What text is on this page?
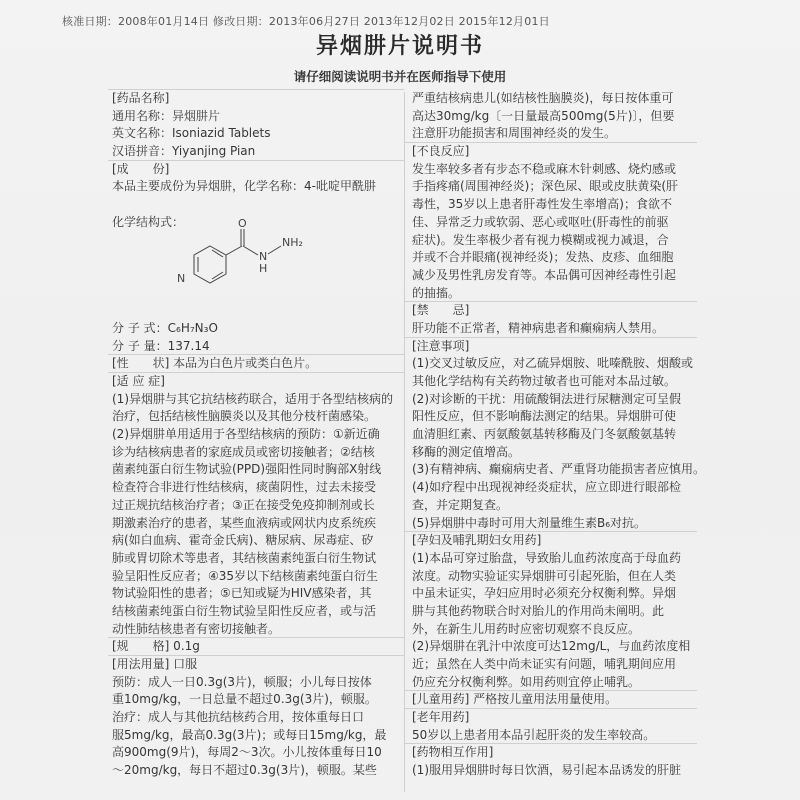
核准日期：2008年01月14日 修改日期：2013年06月27日 2013年12月02日 2015年12月01日
异烟肼片说明书
请仔细阅读说明书并在医师指导下使用
[药品名称]
通用名称：异烟肼片
英文名称：Isoniazid Tablets
汉语拼音：Yiyanjing Pian
[成　　份]
本品主要成份为异烟肼，化学名称：4-吡啶甲酰肼
化学结构式：
分 子 式：C₆H₇N₃O
分 子 量：137.14
[性　　状] 本品为白色片或类白色片。
[适 应 症]
(1)异烟肼与其它抗结核药联合，适用于各型结核病的
治疗，包括结核性脑膜炎以及其他分枝杆菌感染。
(2)异烟肼单用适用于各型结核病的预防：①新近确
诊为结核病患者的家庭成员或密切接触者；②结核
菌素纯蛋白衍生物试验(PPD)强阳性同时胸部X射线
检查符合非进行性结核病，痰菌阴性，过去未接受
过正规抗结核治疗者；③正在接受免疫抑制剂或长
期激素治疗的患者，某些血液病或网状内皮系统疾
病(如白血病、霍奇金氏病)、糖尿病、尿毒症、矽
肺或胃切除术等患者，其结核菌素纯蛋白衍生物试
验呈阳性反应者；④35岁以下结核菌素纯蛋白衍生
物试验阳性的患者；⑤已知或疑为HIV感染者，其
结核菌素纯蛋白衍生物试验呈阳性反应者，或与活
动性肺结核患者有密切接触者。
[规　　格] 0.1g
[用法用量] 口服
预防：成人一日0.3g(3片)，顿服；小儿每日按体
重10mg/kg，一日总量不超过0.3g(3片)，顿服。
治疗：成人与其他抗结核药合用，按体重每日口
服5mg/kg，最高0.3g(3片)；或每日15mg/kg，最
高900mg(9片)，每周2～3次。小儿按体重每日10
～20mg/kg，每日不超过0.3g(3片)，顿服。某些
严重结核病患儿(如结核性脑膜炎)，每日按体重可
高达30mg/kg〔一日量最高500mg(5片)〕，但要
注意肝功能损害和周围神经炎的发生。
[不良反应]
发生率较多者有步态不稳或麻木针刺感、烧灼感或
手指疼痛(周围神经炎)；深色尿、眼或皮肤黄染(肝
毒性，35岁以上患者肝毒性发生率增高)；食欲不
佳、异常乏力或软弱、恶心或呕吐(肝毒性的前驱
症状)。发生率极少者有视力模糊或视力减退，合
并或不合并眼痛(视神经炎)；发热、皮疹、血细胞
减少及男性乳房发育等。本品偶可因神经毒性引起
的抽搐。
[禁　　忌]
肝功能不正常者，精神病患者和癫痫病人禁用。
[注意事项]
(1)交叉过敏反应，对乙硫异烟胺、吡嗪酰胺、烟酸或
其他化学结构有关药物过敏者也可能对本品过敏。
(2)对诊断的干扰：用硫酸铜法进行尿糖测定可呈假
阳性反应，但不影响酶法测定的结果。异烟肼可使
血清胆红素、丙氨酸氨基转移酶及门冬氨酸氨基转
移酶的测定值增高。
(3)有精神病、癫痫病史者、严重肾功能损害者应慎用。
(4)如疗程中出现视神经炎症状，应立即进行眼部检
查，并定期复查。
(5)异烟肼中毒时可用大剂量维生素B₆对抗。
[孕妇及哺乳期妇女用药]
(1)本品可穿过胎盘，导致胎儿血药浓度高于母血药
浓度。动物实验证实异烟肼可引起死胎，但在人类
中虽未证实，孕妇应用时必须充分权衡利弊。异烟
肼与其他药物联合时对胎儿的作用尚未阐明。此
外，在新生儿用药时应密切观察不良反应。
(2)异烟肼在乳汁中浓度可达12mg/L，与血药浓度相
近；虽然在人类中尚未证实有问题，哺乳期间应用
仍应充分权衡利弊。如用药则宜停止哺乳。
[儿童用药] 严格按儿童用法用量使用。
[老年用药]
50岁以上患者用本品引起肝炎的发生率较高。
[药物相互作用]
(1)服用异烟肼时每日饮酒，易引起本品诱发的肝脏
O
N
H
NH₂
N
